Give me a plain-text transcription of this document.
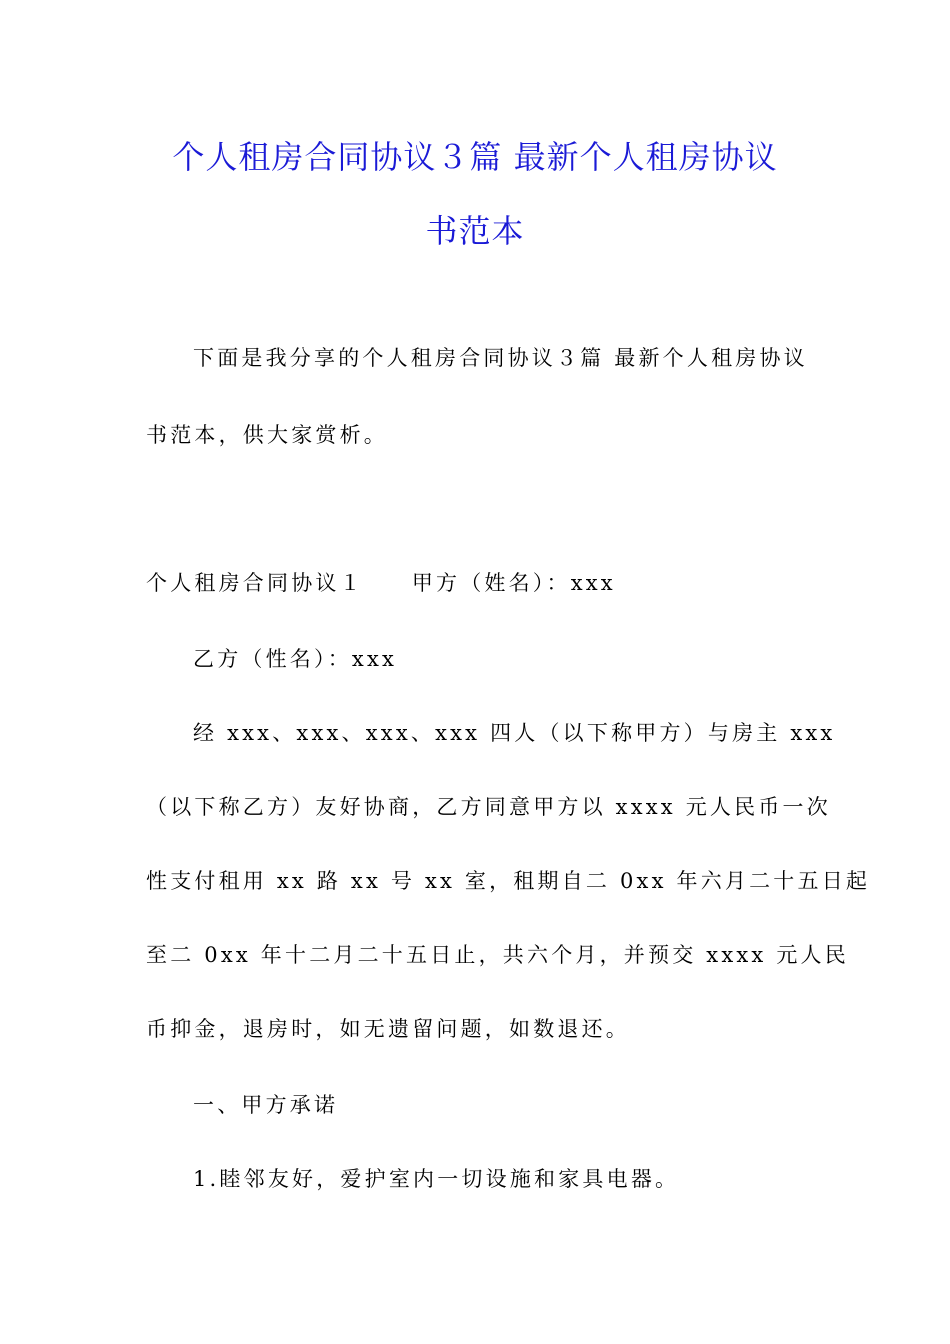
个人租房合同协议３篇 最新个人租房协议
书范本
下面是我分享的个人租房合同协议３篇 最新个人租房协议
书范本，供大家赏析。
个人租房合同协议１ 甲方（姓名）：xxx
乙方（性名）：xxx
经 xxx、xxx、xxx、xxx 四人（以下称甲方）与房主 xxx
（以下称乙方）友好协商，乙方同意甲方以 xxxx 元人民币一次
性支付租用 xx 路 xx 号 xx 室，租期自二 0xx 年六月二十五日起
至二 0xx 年十二月二十五日止，共六个月，并预交 xxxx 元人民
币抑金，退房时，如无遗留问题，如数退还。
一、甲方承诺
1.睦邻友好，爱护室内一切设施和家具电器。
